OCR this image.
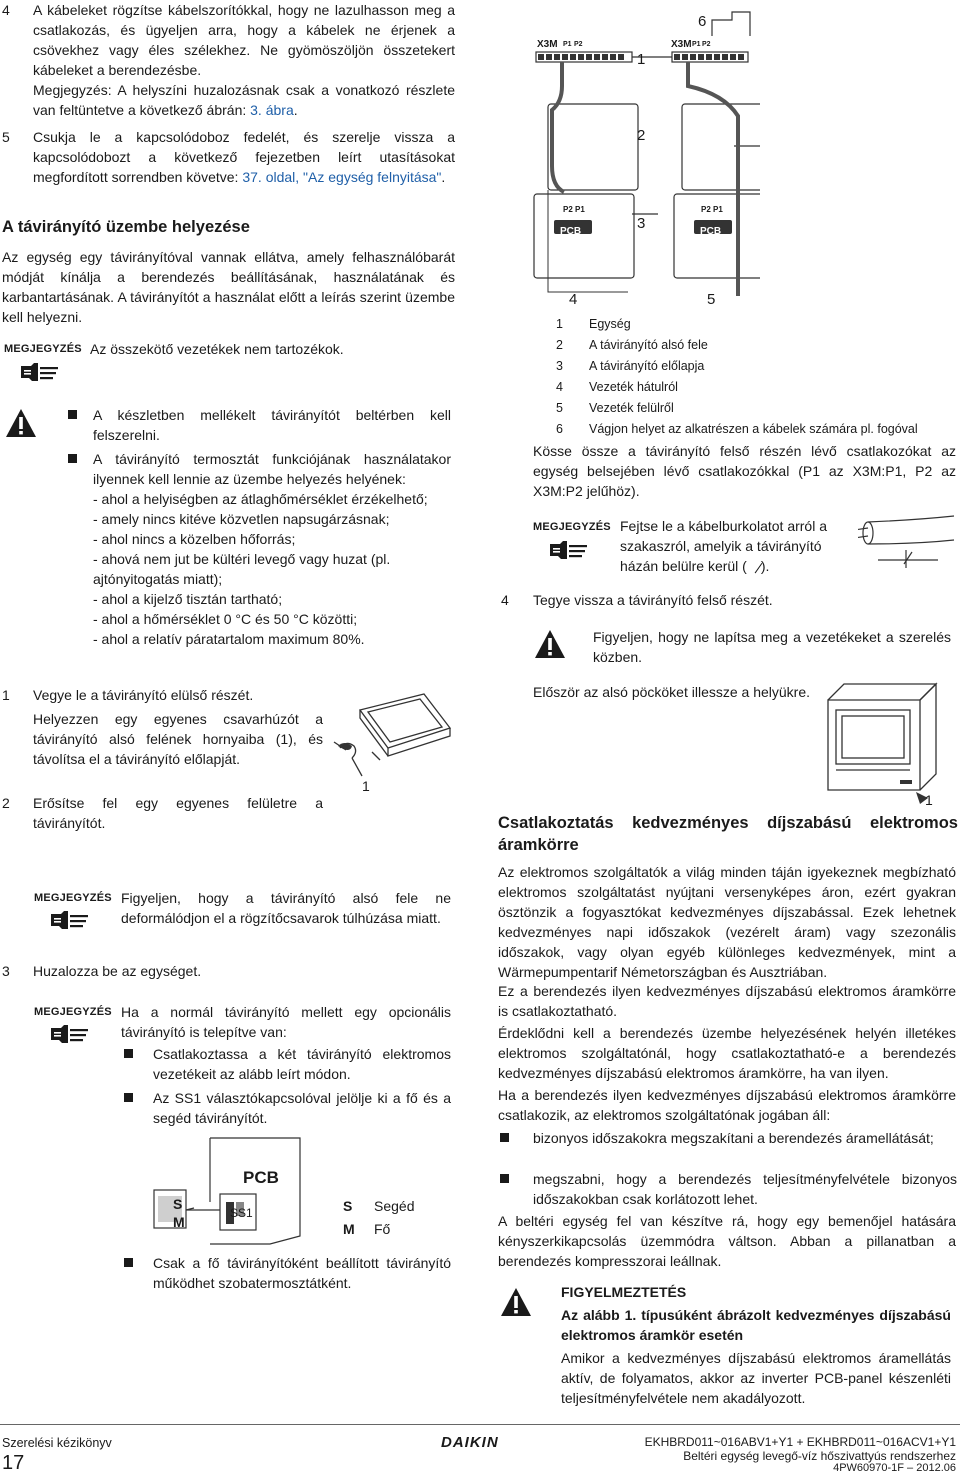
4 A kábeleket rögzítse kábelszorítókkal, hogy ne lazulhasson meg a csatlakozás, és ügyeljen arra, hogy a kábelek ne érjenek a csövekhez vagy éles szélekhez. Ne gyömöszöljön összetekert kábeleket a berendezésbe.
Megjegyzés: A helyszíni huzalozásnak csak a vonatkozó részlete van feltüntetve a következő ábrán: 3. ábra.
5 Csukja le a kapcsolódoboz fedelét, és szerelje vissza a kapcsolódobozt a következő fejezetben leírt utasításokat megfordított sorrendben követve: 37. oldal, "Az egység felnyitása".
A távirányító üzembe helyezése
Az egység egy távirányítóval vannak ellátva, amely felhasználóbarát módját kínálja a berendezés beállításának, használatának és karbantartásának. A távirányítót a használat előtt a leírás szerint üzembe kell helyezni.
MEGJEGYZÉS Az összekötő vezetékek nem tartozékok.
A készletben mellékelt távirányítót beltérben kell felszerelni.
A távirányító termosztát funkciójának használatakor ilyennek kell lennie az üzembe helyezés helyének:
- ahol a helyiségben az átlaghőmérséklet érzékelhető;
- amely nincs kitéve közvetlen napsugárzásnak;
- ahol nincs a közelben hőforrás;
- ahová nem jut be kültéri levegő vagy huzat (pl. ajtónyitogatás miatt);
- ahol a kijelző tisztán tartható;
- ahol a hőmérséklet 0 °C és 50 °C közötti;
- ahol a relatív páratartalom maximum 80%.
1 Vegye le a távirányító elülső részét.
Helyezzen egy egyenes csavarhúzót a távirányító alsó felének hornyaiba (1), és távolítsa el a távirányító előlapját.
1
2 Erősítse fel egy egyenes felületre a távirányítót.
MEGJEGYZÉS Figyeljen, hogy a távirányító alsó fele ne deformálódjon el a rögzítőcsavarok túlhúzása miatt.
3 Huzalozza be az egységet.
MEGJEGYZÉS Ha a normál távirányító mellett egy opcionális távirányító is telepítve van:
Csatlakoztassa a két távirányító elektromos vezetékeit az alább leírt módon.
Az SS1 választókapcsolóval jelölje ki a fő és a segéd távirányítót.
PCB
S
M
SS1	S Segéd
M Fő
Csak a fő távirányítóként beállított távirányító működhet szobatermosztátként.
X3M P1 P2	X3M P1 P2
6
1
2
3
P2 P1	P2 P1
PCB	PCB
4	5
1 Egység
2 A távirányító alsó fele
3 A távirányító előlapja
4 Vezeték hátulról
5 Vezeték felülről
6 Vágjon helyet az alkatrészen a kábelek számára pl. fogóval
Kösse össze a távirányító felső részén lévő csatlakozókat az egység belsejében lévő csatlakozókkal (P1 az X3M:P1, P2 az X3M:P2 jelűhöz).
MEGJEGYZÉS Fejtse le a kábelburkolatot arról a szakaszról, amelyik a távirányító házán belülre kerül ( ).
4 Tegye vissza a távirányító felső részét.
Figyeljen, hogy ne lapítsa meg a vezetékeket a szerelés közben.
Először az alsó pöcköket illessze a helyükre.
1
Csatlakoztatás kedvezményes díjszabású elektromos áramkörre
Az elektromos szolgáltatók a világ minden táján igyekeznek megbízható elektromos szolgáltatást nyújtani versenyképes áron, ezért gyakran ösztönzik a fogyasztókat kedvezményes díjszabással. Ezek lehetnek kedvezményes napi időszakok (vezérelt áram) vagy szezonális időszakok, vagy olyan egyéb különleges kedvezmények, mint a Wärmepumpentarif Németországban és Ausztriában.
Ez a berendezés ilyen kedvezményes díjszabású elektromos áramkörre is csatlakoztatható.
Érdeklődni kell a berendezés üzembe helyezésének helyén illetékes elektromos szolgáltatónál, hogy csatlakoztatható-e a berendezés kedvezményes díjszabású elektromos áramkörre, ha van ilyen.
Ha a berendezés ilyen kedvezményes díjszabású elektromos áramkörre csatlakozik, az elektromos szolgáltatónak jogában áll:
bizonyos időszakokra megszakítani a berendezés áramellátását;
megszabni, hogy a berendezés teljesítményfelvétele bizonyos időszakokban csak korlátozott lehet.
A beltéri egység fel van készítve rá, hogy egy bemenőjel hatására kényszerkikapcsolás üzemmódra váltson. Abban a pillanatban a berendezés kompresszorai leállnak.
FIGYELMEZTETÉS
Az alább 1. típusúként ábrázolt kedvezményes díjszabású elektromos áramkör esetén
Amikor a kedvezményes díjszabású elektromos áramellátás aktív, de folyamatos, akkor az inverter PCB-panel készenléti teljesítményfelvétele nem akadályozott.
Szerelési kézikönyv
17
DAIKIN	EKHBRD011~016ABV1+Y1 + EKHBRD011~016ACV1+Y1
Beltéri egység levegő-víz hőszivattyús rendszerhez
4PW60970-1F – 2012.06
